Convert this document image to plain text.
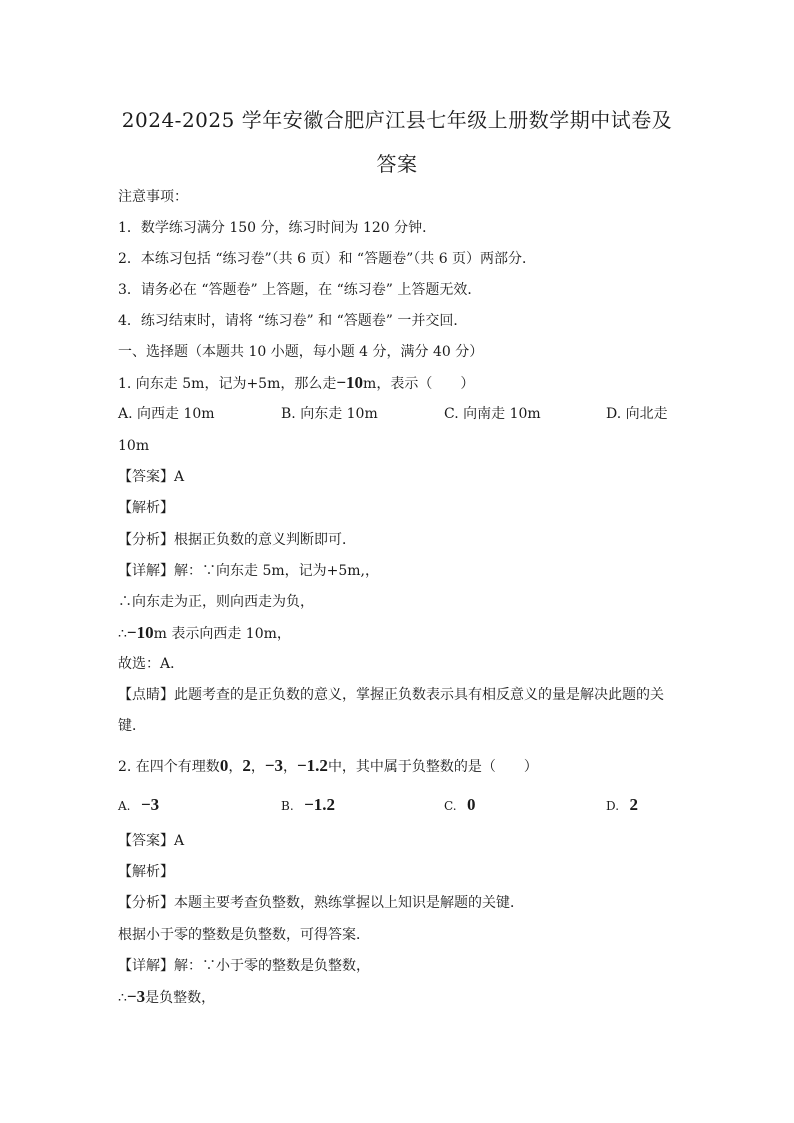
2024-2025 学年安徽合肥庐江县七年级上册数学期中试卷及
答案
注意事项：
1．数学练习满分 150 分，练习时间为 120 分钟．
2．本练习包括 “练习卷”（共 6 页）和 “答题卷”（共 6 页）两部分．
3．请务必在 “答题卷” 上答题，在 “练习卷” 上答题无效．
4．练习结束时，请将 “练习卷” 和 “答题卷” 一并交回．
一、选择题（本题共 10 小题，每小题 4 分，满分 40 分）
1. 向东走 5m，记为+5m，那么走−10m，表示（　　）
A. 向西走 10m	B. 向东走 10m	C. 向南走 10m	D. 向北走
10m
【答案】A
【解析】
【分析】根据正负数的意义判断即可．
【详解】解：∵向东走 5m，记为+5m,，
∴向东走为正，则向西走为负，
∴−10m 表示向西走 10m，
故选：A．
【点睛】此题考查的是正负数的意义，掌握正负数表示具有相反意义的量是解决此题的关
键．
2. 在四个有理数0，2，−3，−1.2中，其中属于负整数的是（　　）
A. −3	B. −1.2	C. 0	D. 2
【答案】A
【解析】
【分析】本题主要考查负整数，熟练掌握以上知识是解题的关键．
根据小于零的整数是负整数，可得答案．
【详解】解：∵小于零的整数是负整数，
∴−3是负整数，
